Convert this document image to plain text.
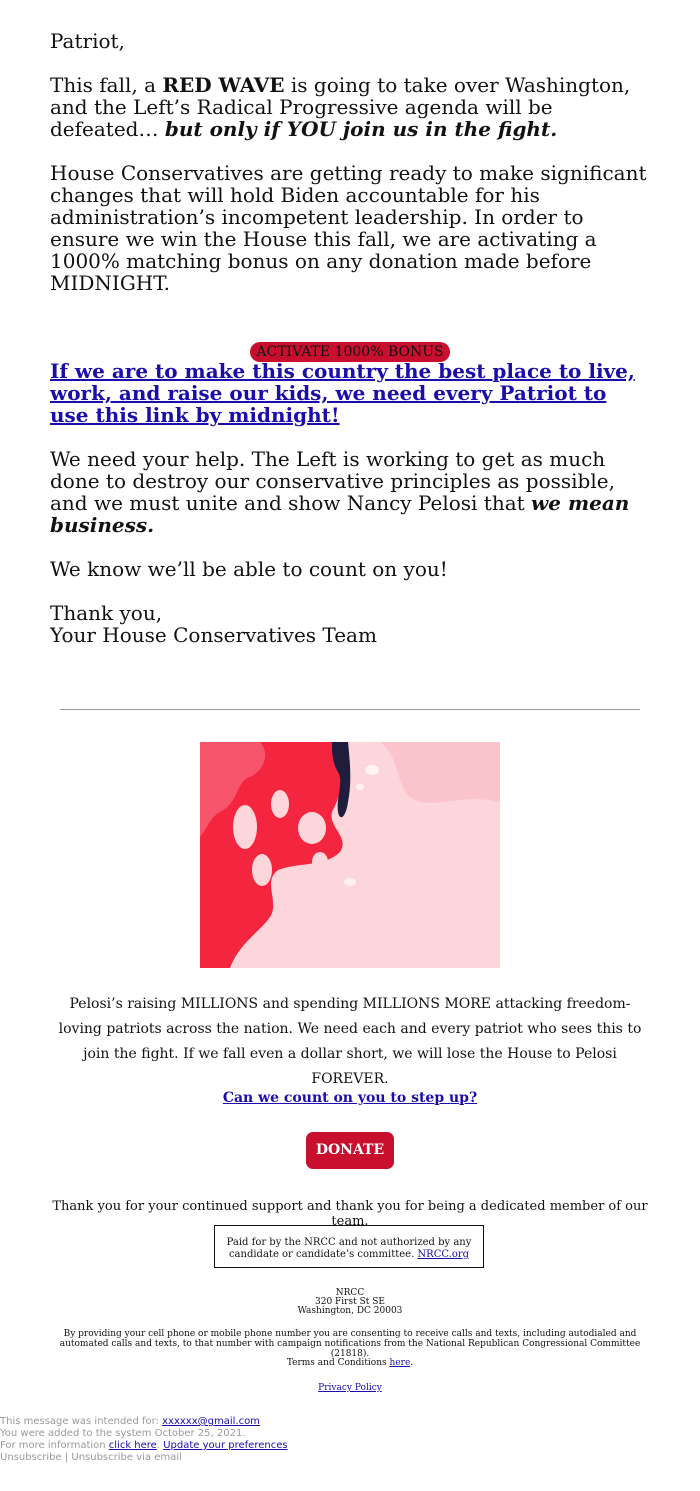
Patriot,

This fall, a RED WAVE is going to take over Washington, and the Left’s Radical Progressive agenda will be defeated… but only if YOU join us in the fight.

House Conservatives are getting ready to make significant changes that will hold Biden accountable for his administration’s incompetent leadership. In order to ensure we win the House this fall, we are activating a 1000% matching bonus on any donation made before MIDNIGHT.

ACTIVATE 1000% BONUS
If we are to make this country the best place to live, work, and raise our kids, we need every Patriot to use this link by midnight!

We need your help. The Left is working to get as much done to destroy our conservative principles as possible, and we must unite and show Nancy Pelosi that we mean business.

We know we’ll be able to count on you!

Thank you,

Your House Conservatives Team

Pelosi’s raising MILLIONS and spending MILLIONS MORE attacking freedom-loving patriots across the nation. We need each and every patriot who sees this to join the fight. If we fall even a dollar short, we will lose the House to Pelosi FOREVER.
Can we count on you to step up?
DONATE
Thank you for your continued support and thank you for being a dedicated member of our team.
Paid for by the NRCC and not authorized by any candidate or candidate’s committee. NRCC.org
NRCC
320 First St SE
Washington, DC 20003
By providing your cell phone or mobile phone number you are consenting to receive calls and texts, including autodialed and automated calls and texts, to that number with campaign notifications from the National Republican Congressional Committee (21818).
Terms and Conditions here.
Privacy Policy
This message was intended for: xxxxxx@gmail.com
You were added to the system October 25, 2021.
For more information click here. Update your preferences
Unsubscribe | Unsubscribe via email
